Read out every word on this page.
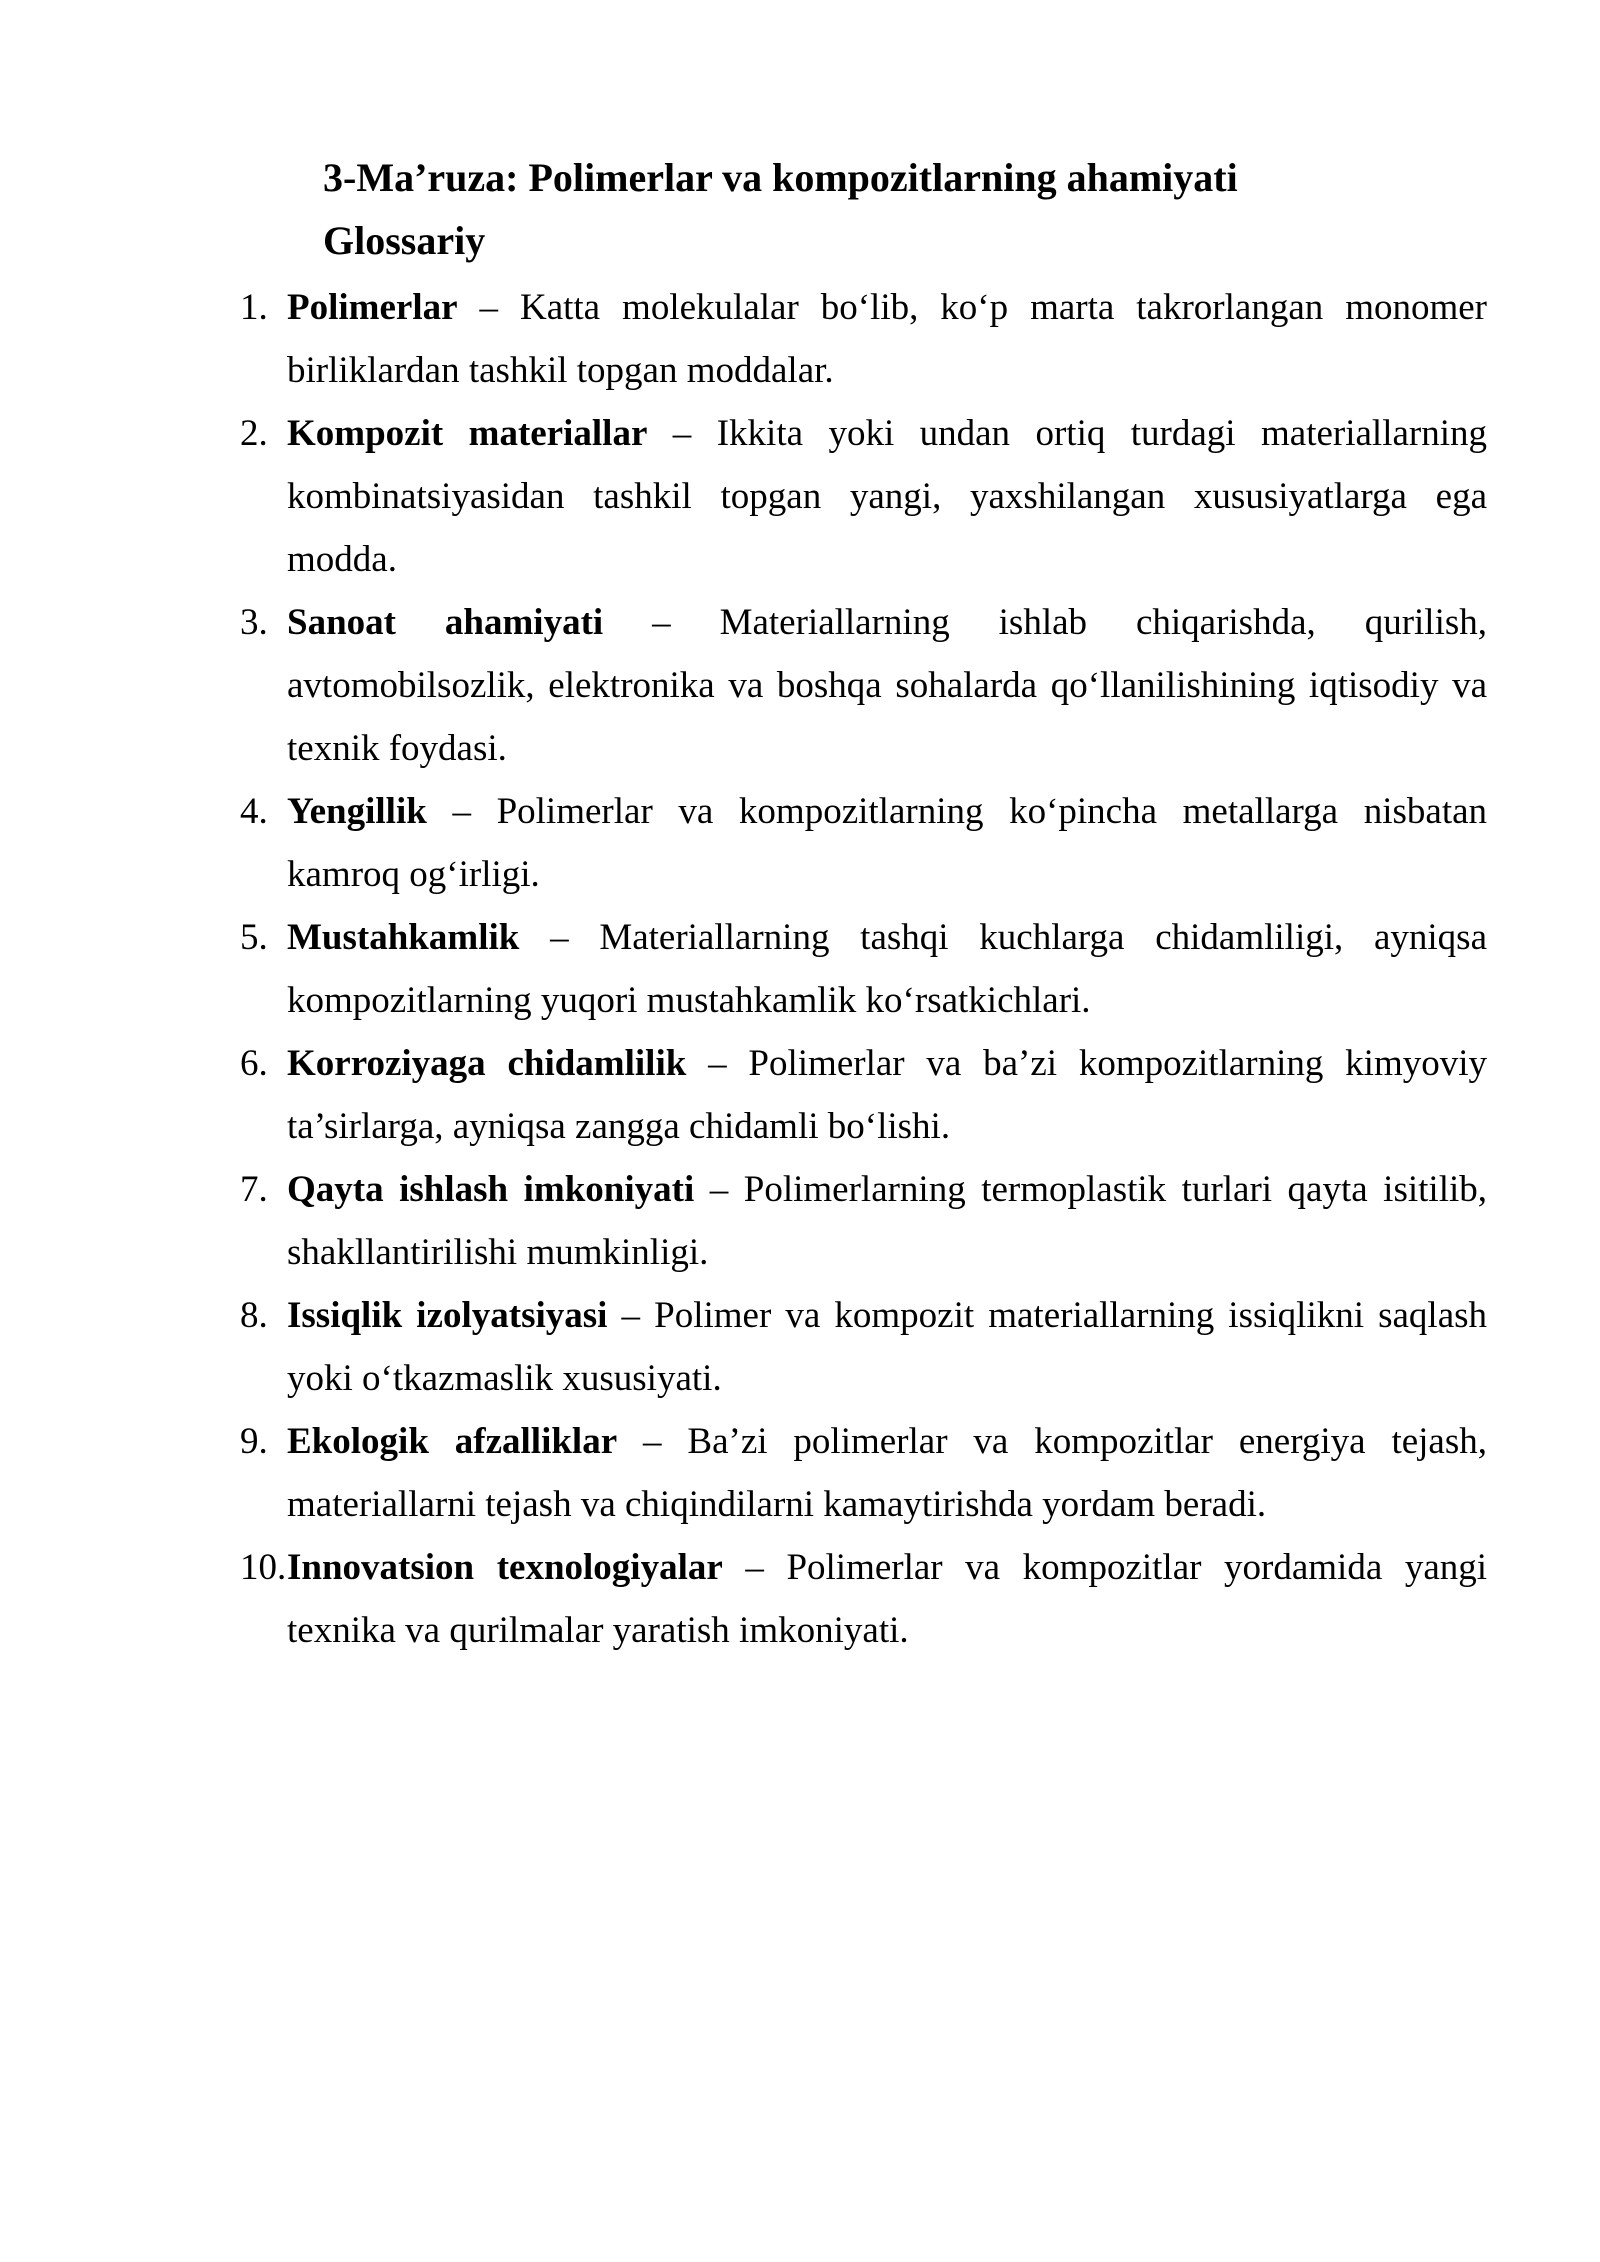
3-Ma’ruza: Polimerlar va kompozitlarning ahamiyati
Glossariy
1. Polimerlar – Katta molekulalar boʻlib, koʻp marta takrorlangan monomer birliklardan tashkil topgan moddalar.
2. Kompozit materiallar – Ikkita yoki undan ortiq turdagi materiallarning kombinatsiyasidan tashkil topgan yangi, yaxshilangan xususiyatlarga ega modda.
3. Sanoat ahamiyati – Materiallarning ishlab chiqarishda, qurilish, avtomobilsozlik, elektronika va boshqa sohalarda qoʻllanilishining iqtisodiy va texnik foydasi.
4. Yengillik – Polimerlar va kompozitlarning koʻpincha metallarga nisbatan kamroq ogʻirligi.
5. Mustahkamlik – Materiallarning tashqi kuchlarga chidamliligi, ayniqsa kompozitlarning yuqori mustahkamlik koʻrsatkichlari.
6. Korroziyaga chidamlilik – Polimerlar va ba’zi kompozitlarning kimyoviy ta’sirlarga, ayniqsa zangga chidamli boʻlishi.
7. Qayta ishlash imkoniyati – Polimerlarning termoplastik turlari qayta isitilib, shakllantirilishi mumkinligi.
8. Issiqlik izolyatsiyasi – Polimer va kompozit materiallarning issiqlikni saqlash yoki oʻtkazmaslik xususiyati.
9. Ekologik afzalliklar – Ba’zi polimerlar va kompozitlar energiya tejash, materiallarni tejash va chiqindilarni kamaytirishda yordam beradi.
10.Innovatsion texnologiyalar – Polimerlar va kompozitlar yordamida yangi texnika va qurilmalar yaratish imkoniyati.
